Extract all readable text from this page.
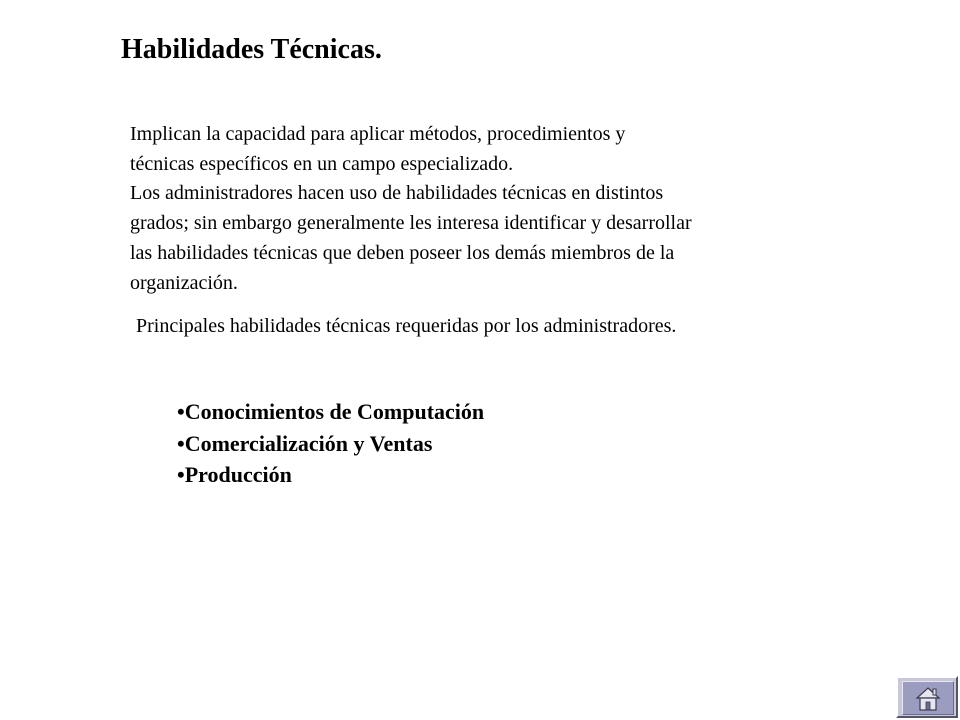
Habilidades Técnicas.

Implican la capacidad para aplicar métodos, procedimientos y
técnicas específicos en un campo especializado.
Los administradores hacen uso de habilidades técnicas en distintos
grados; sin embargo generalmente les interesa identificar y desarrollar
las habilidades técnicas que deben poseer los demás miembros de la
organización.

Principales habilidades técnicas requeridas por los administradores.

•Conocimientos de Computación
•Comercialización y Ventas
•Producción
